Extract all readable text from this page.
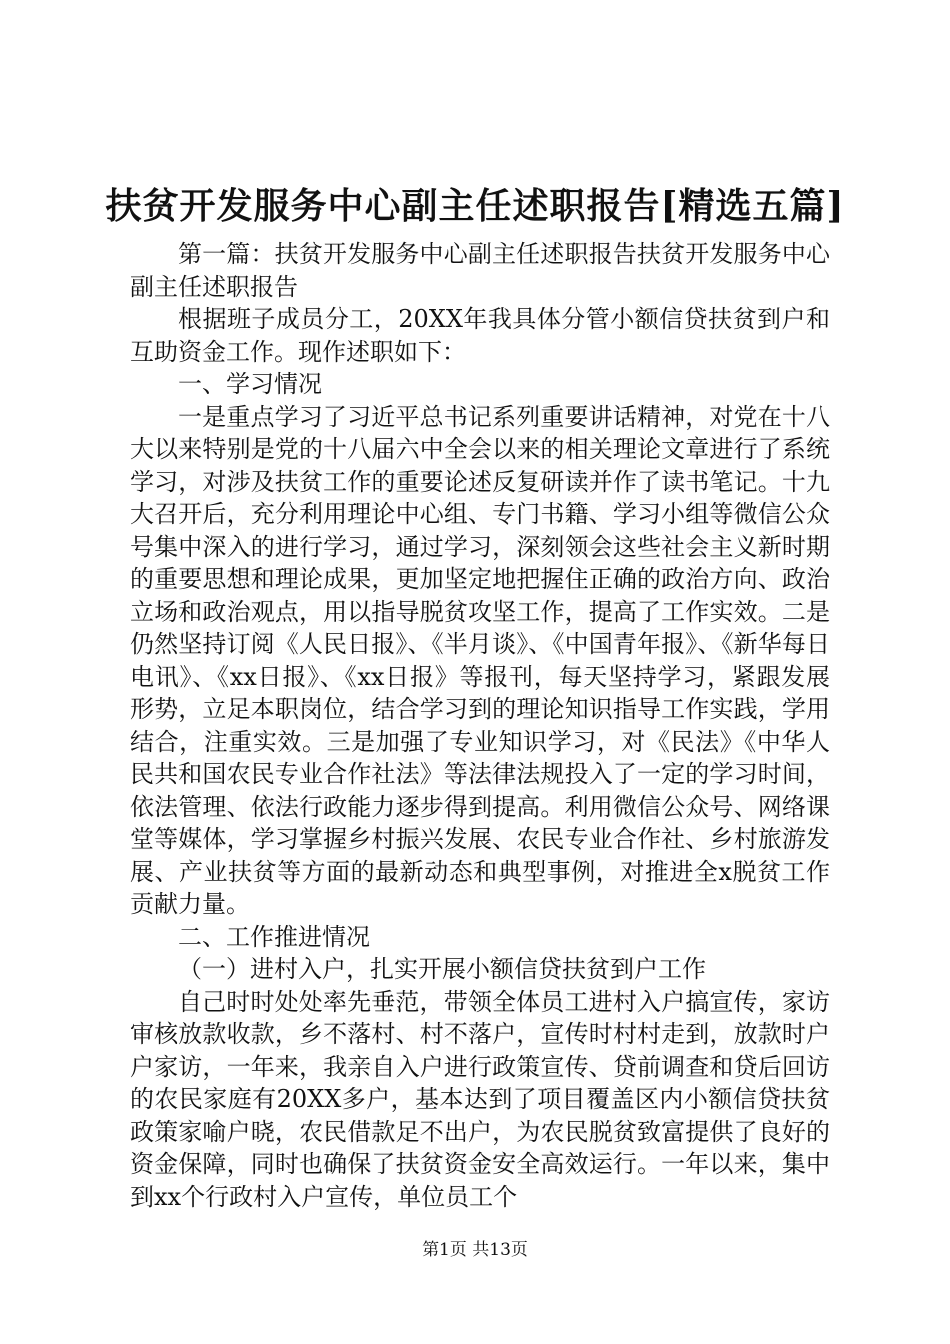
扶贫开发服务中心副主任述职报告[精选五篇]

第一篇：扶贫开发服务中心副主任述职报告扶贫开发服务中心副主任述职报告

根据班子成员分工，20XX年我具体分管小额信贷扶贫到户和互助资金工作。现作述职如下：

一、学习情况

一是重点学习了习近平总书记系列重要讲话精神，对党在十八大以来特别是党的十八届六中全会以来的相关理论文章进行了系统学习，对涉及扶贫工作的重要论述反复研读并作了读书笔记。十九大召开后，充分利用理论中心组、专门书籍、学习小组等微信公众号集中深入的进行学习，通过学习，深刻领会这些社会主义新时期的重要思想和理论成果，更加坚定地把握住正确的政治方向、政治立场和政治观点，用以指导脱贫攻坚工作，提高了工作实效。二是仍然坚持订阅《人民日报》、《半月谈》、《中国青年报》、《新华每日电讯》、《xx日报》、《xx日报》等报刊，每天坚持学习，紧跟发展形势，立足本职岗位，结合学习到的理论知识指导工作实践，学用结合，注重实效。三是加强了专业知识学习，对《民法》《中华人民共和国农民专业合作社法》等法律法规投入了一定的学习时间，依法管理、依法行政能力逐步得到提高。利用微信公众号、网络课堂等媒体，学习掌握乡村振兴发展、农民专业合作社、乡村旅游发展、产业扶贫等方面的最新动态和典型事例，对推进全x脱贫工作贡献力量。

二、工作推进情况

（一）进村入户，扎实开展小额信贷扶贫到户工作

自己时时处处率先垂范，带领全体员工进村入户搞宣传，家访审核放款收款，乡不落村、村不落户，宣传时村村走到，放款时户户家访，一年来，我亲自入户进行政策宣传、贷前调查和贷后回访的农民家庭有20XX多户，基本达到了项目覆盖区内小额信贷扶贫政策家喻户晓，农民借款足不出户，为农民脱贫致富提供了良好的资金保障，同时也确保了扶贫资金安全高效运行。一年以来，集中到xx个行政村入户宣传，单位员工个

第1页 共13页
